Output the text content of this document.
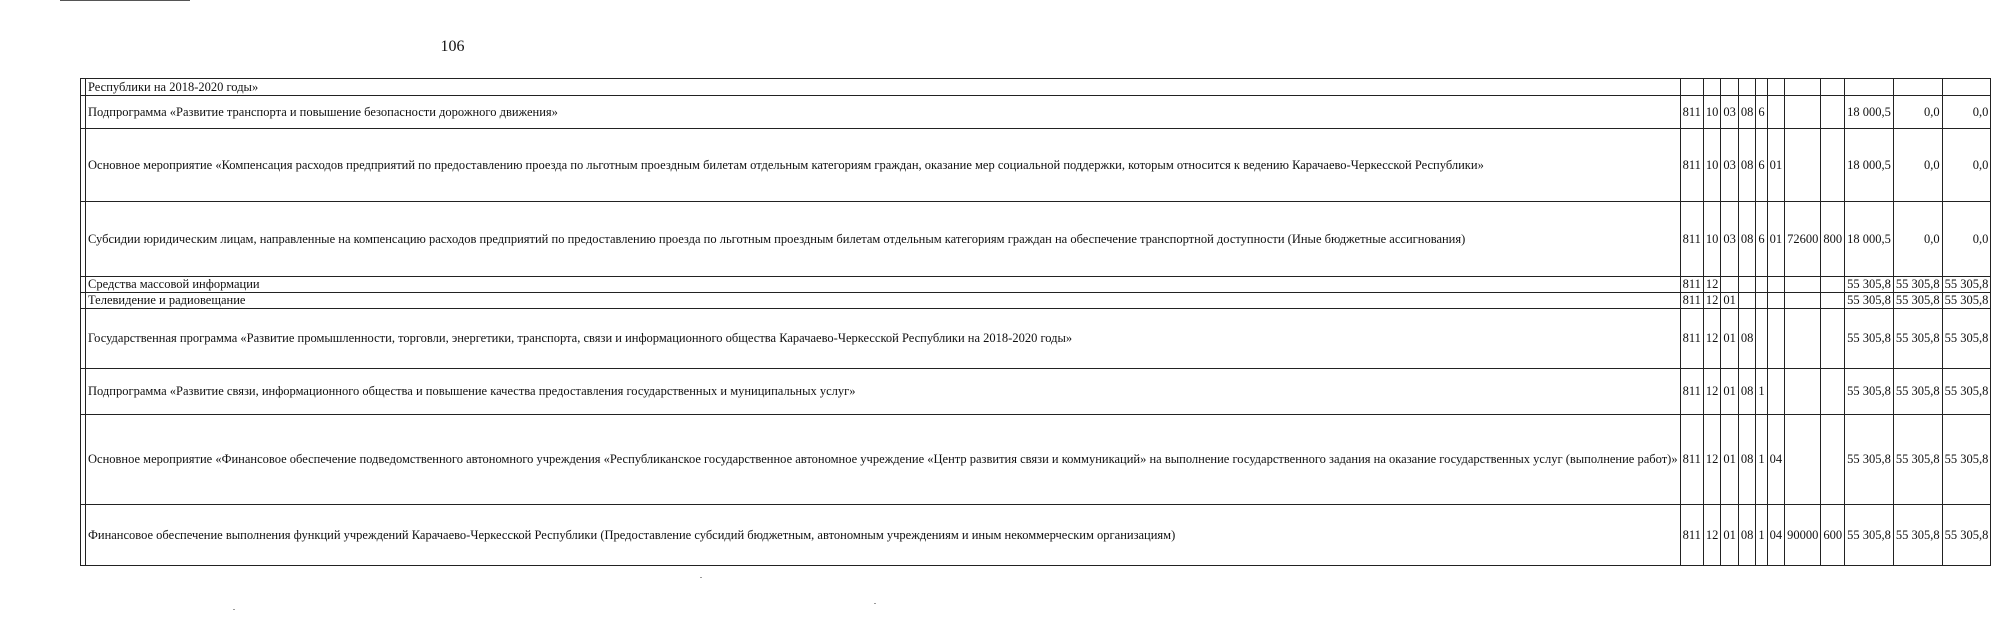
106
	Республики на 2018-2020 годы»											
	Подпрограмма «Развитие транспорта и повышение безопасности дорожного движения»	811	10	03	08	6				18 000,5	0,0	0,0
	Основное мероприятие «Компенсация расходов предприятий по предоставлению проезда по льготным проездным билетам отдельным категориям граждан, оказание мер социальной поддержки, которым относится к ведению Карачаево-Черкесской Республики»	811	10	03	08	6	01			18 000,5	0,0	0,0
	Субсидии юридическим лицам, направленные на компенсацию расходов предприятий по предоставлению проезда по льготным проездным билетам отдельным категориям граждан на обеспечение транспортной доступности (Иные бюджетные ассигнования)	811	10	03	08	6	01	72600	800	18 000,5	0,0	0,0
	Средства массовой информации	811	12							55 305,8	55 305,8	55 305,8
	Телевидение и радиовещание	811	12	01						55 305,8	55 305,8	55 305,8
	Государственная программа «Развитие промышленности, торговли, энергетики, транспорта, связи и информационного общества Карачаево-Черкесской Республики на 2018-2020 годы»	811	12	01	08					55 305,8	55 305,8	55 305,8
	Подпрограмма «Развитие связи, информационного общества и повышение качества предоставления государственных и муниципальных услуг»	811	12	01	08	1				55 305,8	55 305,8	55 305,8
	Основное мероприятие «Финансовое обеспечение подведомственного автономного учреждения «Республиканское государственное автономное учреждение «Центр развития связи и коммуникаций» на выполнение государственного задания на оказание государственных услуг (выполнение работ)»	811	12	01	08	1	04			55 305,8	55 305,8	55 305,8
	Финансовое обеспечение выполнения функций учреждений Карачаево-Черкесской Республики (Предоставление субсидий бюджетным, автономным учреждениям и иным некоммерческим организациям)	811	12	01	08	1	04	90000	600	55 305,8	55 305,8	55 305,8
